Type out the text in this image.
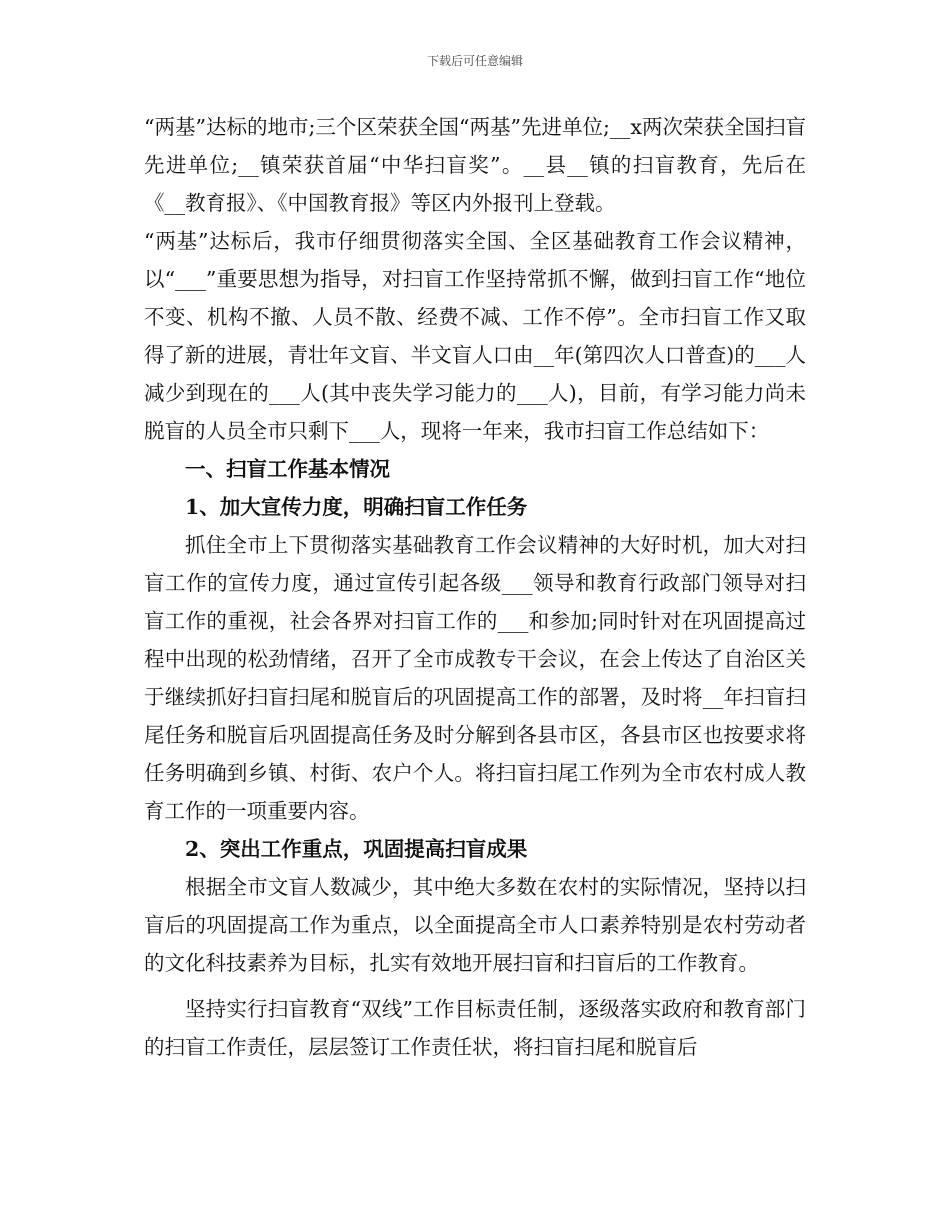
下载后可任意编辑

“两基”达标的地市;三个区荣获全国“两基”先进单位;__x两次荣获全国扫盲先进单位;__镇荣获首届“中华扫盲奖”。__县__镇的扫盲教育，先后在《__教育报》、《中国教育报》等区内外报刊上登载。

“两基”达标后，我市仔细贯彻落实全国、全区基础教育工作会议精神，以“___”重要思想为指导，对扫盲工作坚持常抓不懈，做到扫盲工作“地位不变、机构不撤、人员不散、经费不减、工作不停”。全市扫盲工作又取得了新的进展，青壮年文盲、半文盲人口由__年(第四次人口普查)的___人减少到现在的___人(其中丧失学习能力的___人)，目前，有学习能力尚未脱盲的人员全市只剩下___人，现将一年来，我市扫盲工作总结如下：

一、扫盲工作基本情况

1、加大宣传力度，明确扫盲工作任务

抓住全市上下贯彻落实基础教育工作会议精神的大好时机，加大对扫盲工作的宣传力度，通过宣传引起各级___领导和教育行政部门领导对扫盲工作的重视，社会各界对扫盲工作的___和参加;同时针对在巩固提高过程中出现的松劲情绪，召开了全市成教专干会议，在会上传达了自治区关于继续抓好扫盲扫尾和脱盲后的巩固提高工作的部署，及时将__年扫盲扫尾任务和脱盲后巩固提高任务及时分解到各县市区，各县市区也按要求将任务明确到乡镇、村街、农户个人。将扫盲扫尾工作列为全市农村成人教育工作的一项重要内容。

2、突出工作重点，巩固提高扫盲成果

根据全市文盲人数减少，其中绝大多数在农村的实际情况，坚持以扫盲后的巩固提高工作为重点，以全面提高全市人口素养特别是农村劳动者的文化科技素养为目标，扎实有效地开展扫盲和扫盲后的工作教育。

坚持实行扫盲教育“双线”工作目标责任制，逐级落实政府和教育部门的扫盲工作责任，层层签订工作责任状，将扫盲扫尾和脱盲后
